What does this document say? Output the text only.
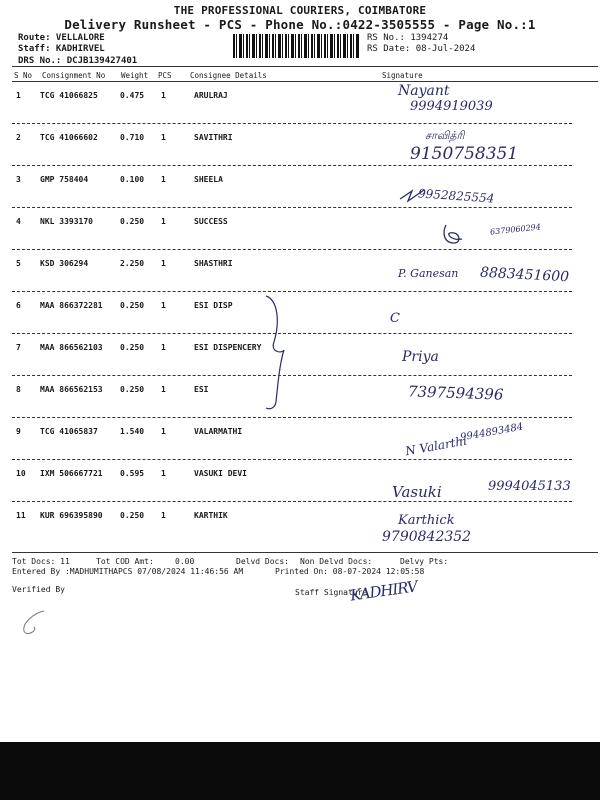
THE PROFESSIONAL COURIERS, COIMBATORE
Delivery Runsheet - PCS - Phone No.:0422-3505555 - Page No.:1
Route: VELLALORE
Staff: KADHIRVEL
DRS No.: DCJB139427401
RS No.: 1394274
RS Date: 08-Jul-2024
S No Consignment No Weight PCS Consignee Details	Signature
1 TCG 41066825	0.475 1	ARULRAJ	Nayant
9994919039
2 TCG 41066602	0.710 1	SAVITHRI	சாவித்ரி
9150758351
3 GMP 758404	0.100 1	SHEELA
9952825554
4 NKL 3393170	0.250 1	SUCCESS
6379060294
5 KSD 306294	2.250 1	SHASTHRI
P. Ganesan 8883451600
6 MAA 866372281 0.250 1	ESI DISP
C
7 MAA 866562103 0.250 1	ESI DISPENCERY
Priya
8 MAA 866562153 0.250 1	ESI	7397594396
9 TCG 41065837	1.540 1	VALARMATHI
N Valarthi
9944893484
10 IXM 506667721 0.595 1	VASUKI DEVI
Vasuki	9994045133
11 KUR 696395890 0.250 1	KARTHIK	Karthick
9790842352
Tot Docs: 11	Tot COD Amt:	0.00	Delvd Docs: Non Delvd Docs:	Delvy Pts:
Entered By :MADHUMITHAPCS 07/08/2024 11:46:56 AM	Printed On: 08-07-2024 12:05:58
Verified By	Staff Signature
KADHIRV
